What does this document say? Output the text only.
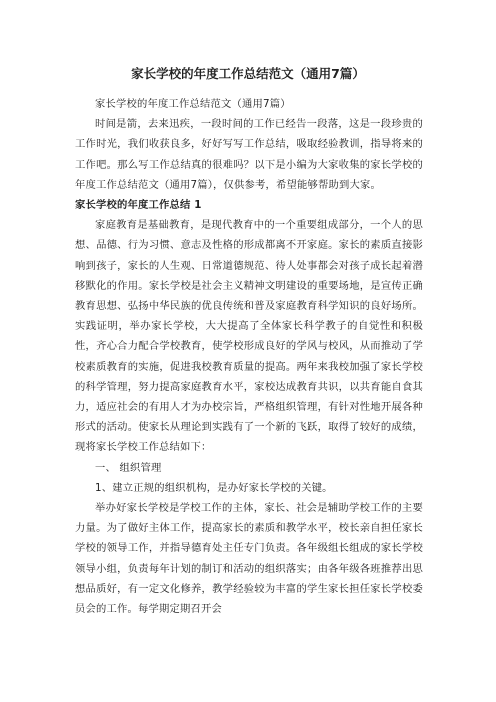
家长学校的年度工作总结范文（通用7篇）

家长学校的年度工作总结范文（通用7篇）

时间是箭，去来迅疾，一段时间的工作已经告一段落，这是一段珍贵的工作时光，我们收获良多，好好写写工作总结，吸取经验教训，指导将来的工作吧。那么写工作总结真的很难吗？以下是小编为大家收集的家长学校的年度工作总结范文（通用7篇），仅供参考，希望能够帮助到大家。

家长学校的年度工作总结 1

家庭教育是基础教育，是现代教育中的一个重要组成部分，一个人的思想、品德、行为习惯、意志及性格的形成都离不开家庭。家长的素质直接影响到孩子，家长的人生观、日常道德规范、待人处事都会对孩子成长起着潜移默化的作用。家长学校是社会主义精神文明建设的重要场地，是宣传正确教育思想、弘扬中华民族的优良传统和普及家庭教育科学知识的良好场所。实践证明，举办家长学校，大大提高了全体家长科学教子的自觉性和积极性，齐心合力配合学校教育，使学校形成良好的学风与校风，从而推动了学校素质教育的实施，促进我校教育质量的提高。两年来我校加强了家长学校的科学管理，努力提高家庭教育水平，家校达成教育共识，以共育能自食其力，适应社会的有用人才为办校宗旨，严格组织管理，有针对性地开展各种形式的活动。使家长从理论到实践有了一个新的飞跃，取得了较好的成绩，现将家长学校工作总结如下：

一、 组织管理

1、建立正规的组织机构，是办好家长学校的关键。

举办好家长学校是学校工作的主体，家长、社会是辅助学校工作的主要力量。为了做好主体工作，提高家长的素质和教学水平，校长亲自担任家长学校的领导工作，并指导德育处主任专门负责。各年级组长组成的家长学校领导小组，负责每年计划的制订和活动的组织落实；由各年级各班推荐出思想品质好，有一定文化修养，教学经验较为丰富的学生家长担任家长学校委员会的工作。每学期定期召开会
